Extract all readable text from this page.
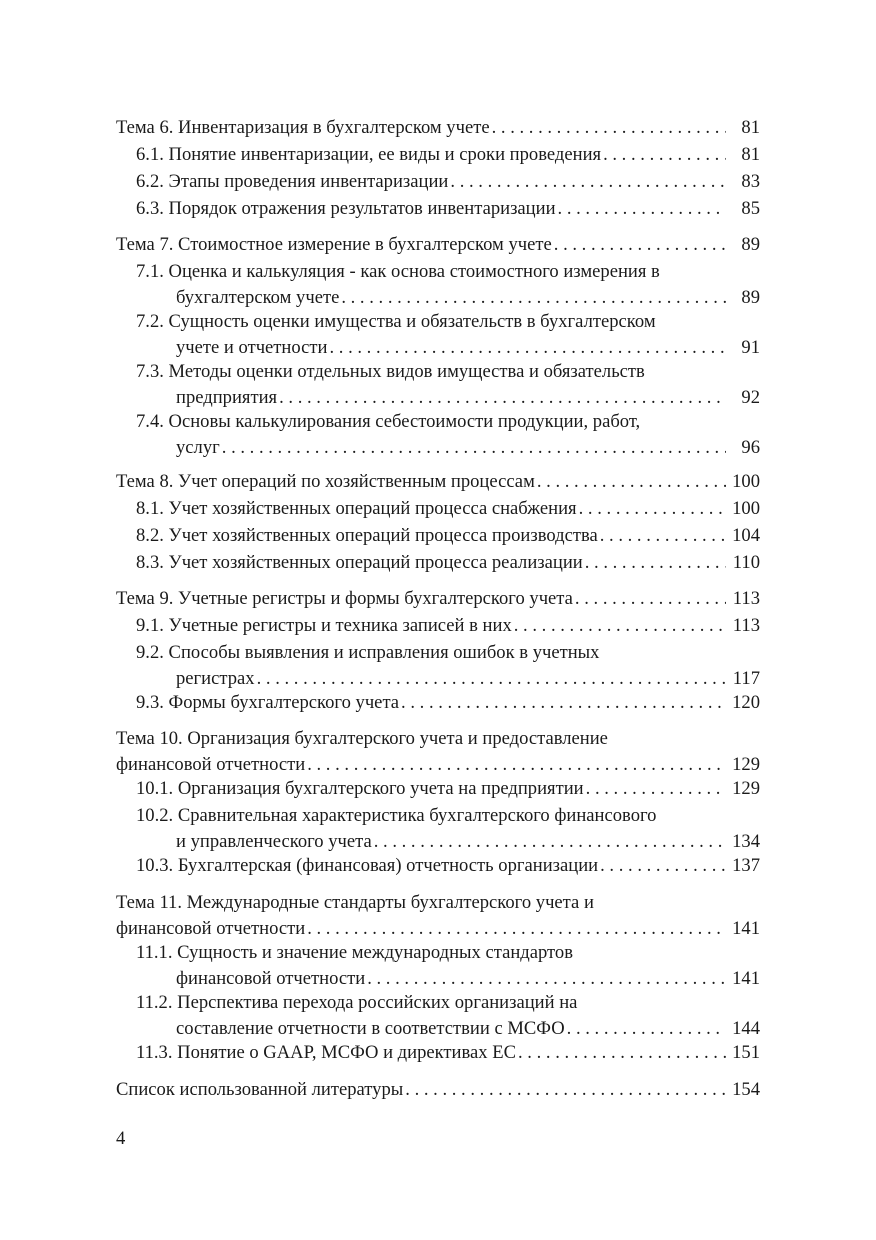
Тема 6. Инвентаризация в бухгалтерском учете . . .	81
6.1. Понятие инвентаризации, ее виды и сроки проведения . . .	81
6.2. Этапы проведения инвентаризации . . .	83
6.3. Порядок отражения результатов инвентаризации . . .	85
Тема 7. Стоимостное измерение в бухгалтерском учете . . .	89
7.1. Оценка и калькуляция - как основа стоимостного измерения в
бухгалтерском учете . . .	89
7.2. Сущность оценки имущества и обязательств в бухгалтерском
учете и отчетности . . .	91
7.3. Методы оценки отдельных видов имущества и обязательств
предприятия . . .	92
7.4. Основы калькулирования себестоимости продукции, работ,
услуг . . .	96
Тема 8. Учет операций по хозяйственным процессам . . .	100
8.1. Учет хозяйственных операций процесса снабжения . . .	100
8.2. Учет хозяйственных операций процесса производства . . .	104
8.3. Учет хозяйственных операций процесса реализации . . .	110
Тема 9. Учетные регистры и формы бухгалтерского учета . . .	113
9.1. Учетные регистры и техника записей в них . . .	113
9.2. Способы выявления и исправления ошибок в учетных
регистрах . . .	117
9.3. Формы бухгалтерского учета . . .	120
Тема 10. Организация бухгалтерского учета и предоставление
финансовой отчетности . . .	129
10.1. Организация бухгалтерского учета на предприятии . . .	129
10.2. Сравнительная характеристика бухгалтерского финансового
и управленческого учета . . .	134
10.3. Бухгалтерская (финансовая) отчетность организации . . .	137
Тема 11. Международные стандарты бухгалтерского учета и
финансовой отчетности . . .	141
11.1. Сущность и значение международных стандартов
финансовой отчетности . . .	141
11.2. Перспектива перехода российских организаций на
составление отчетности в соответствии с МСФО . . .	144
11.3. Понятие о GAAP, МСФО и директивах ЕС . . .	151
Список использованной литературы . . .	154
4
